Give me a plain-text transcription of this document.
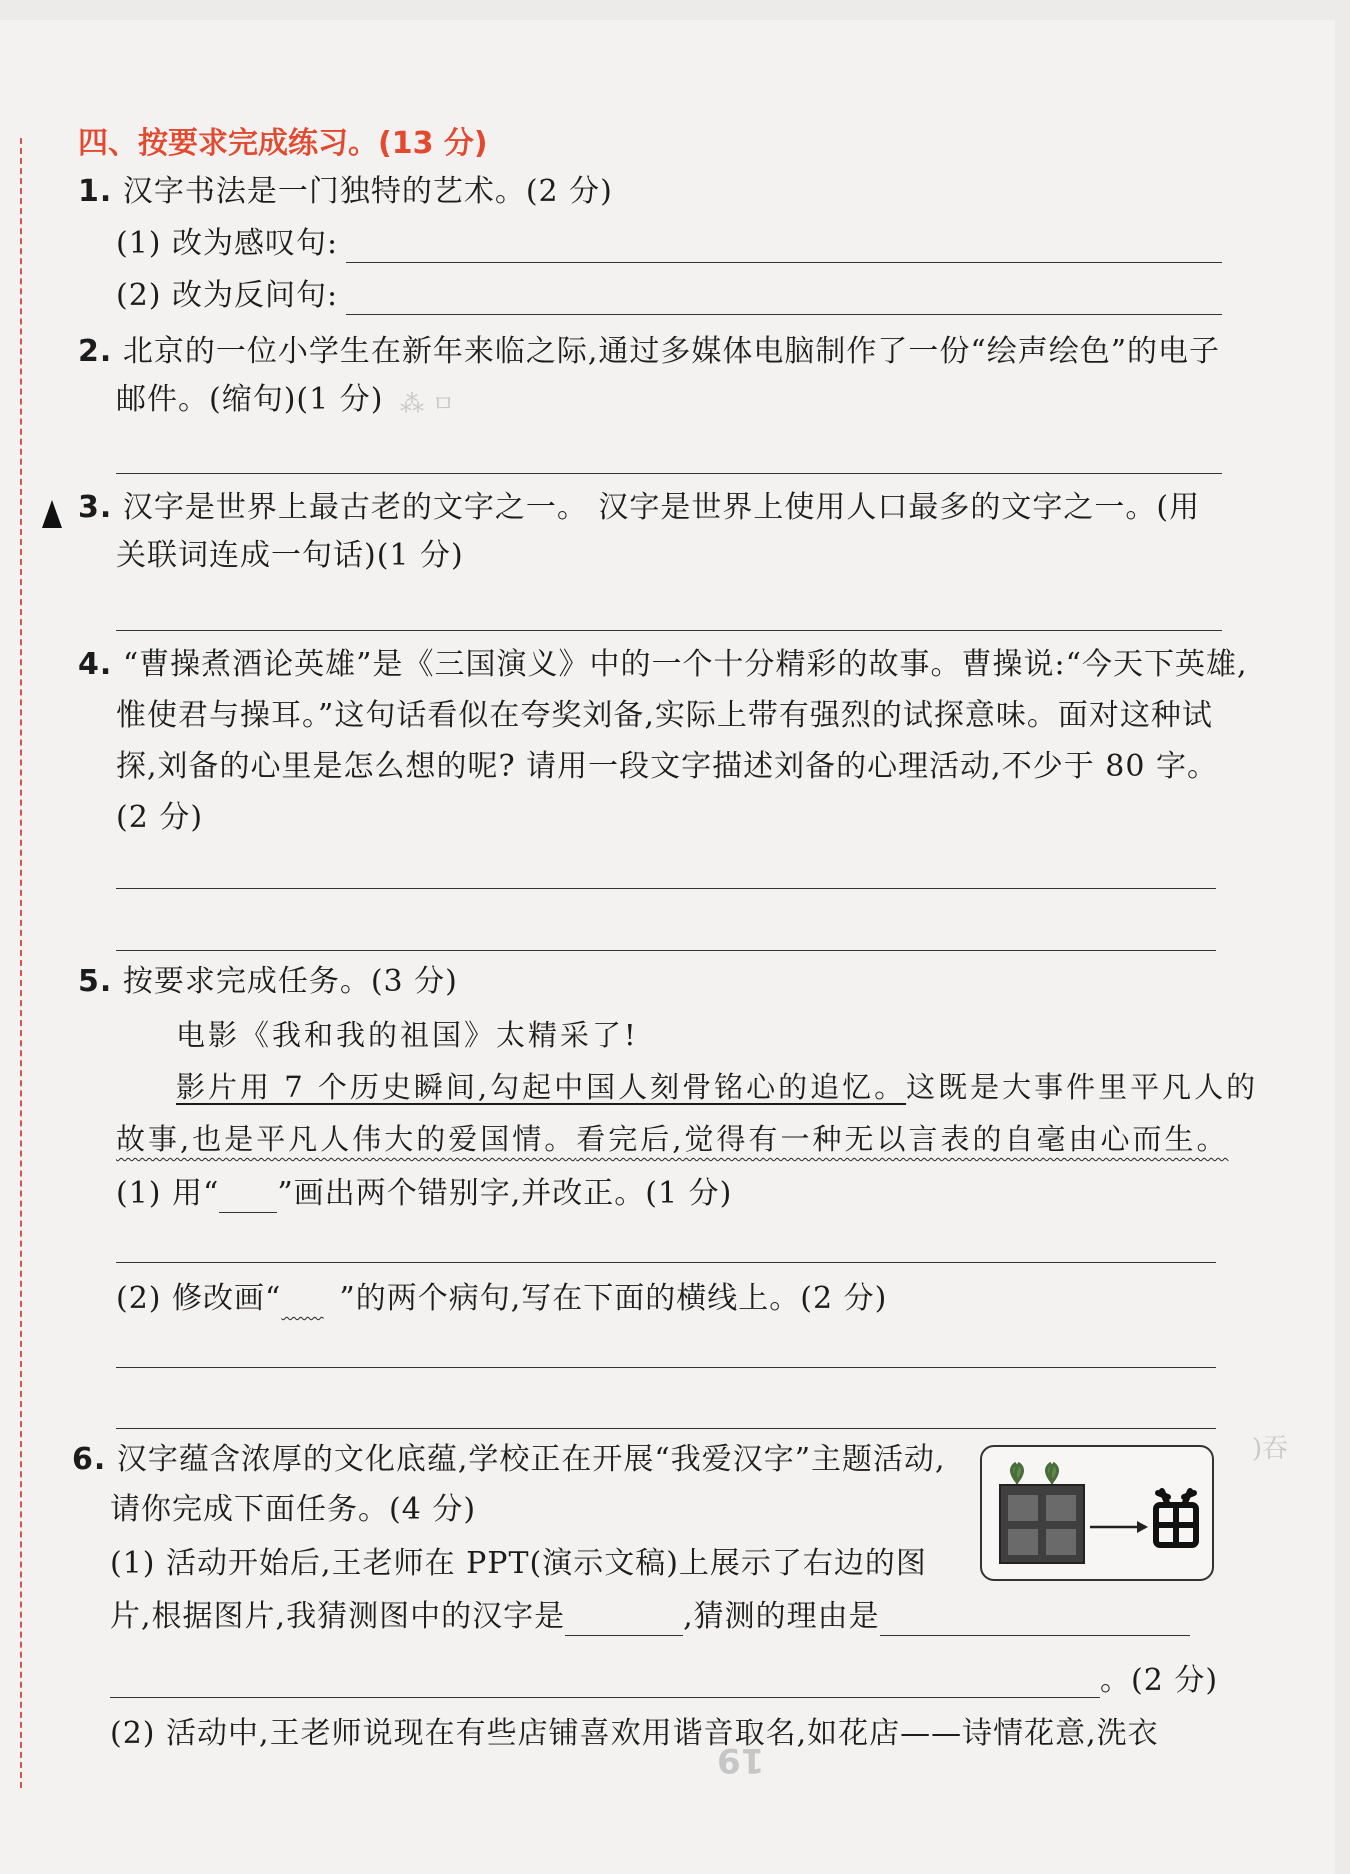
四、按要求完成练习。(13 分)
1. 汉字书法是一门独特的艺术。(2 分)
(1) 改为感叹句:
(2) 改为反问句:
2. 北京的一位小学生在新年来临之际,通过多媒体电脑制作了一份“绘声绘色”的电子
邮件。(缩句)(1 分) ⁂ ㅁ
3. 汉字是世界上最古老的文字之一。 汉字是世界上使用人口最多的文字之一。(用
关联词连成一句话)(1 分)
4. “曹操煮酒论英雄”是《三国演义》中的一个十分精彩的故事。曹操说:“今天下英雄,
惟使君与操耳。”这句话看似在夸奖刘备,实际上带有强烈的试探意味。面对这种试
探,刘备的心里是怎么想的呢? 请用一段文字描述刘备的心理活动,不少于 80 字。
(2 分)
5. 按要求完成任务。(3 分)
电影《我和我的祖国》太精采了!
影片用 7 个历史瞬间,勾起中国人刻骨铭心的追忆。这既是大事件里平凡人的
故事,也是平凡人伟大的爱国情。看完后,觉得有一种无以言表的自毫由心而生。
(1) 用“ ”画出两个错别字,并改正。(1 分)
(2) 修改画“ ”的两个病句,写在下面的横线上。(2 分)
6. 汉字蕴含浓厚的文化底蕴,学校正在开展“我爱汉字”主题活动,
请你完成下面任务。(4 分)
(1) 活动开始后,王老师在 PPT(演示文稿)上展示了右边的图
片,根据图片,我猜测图中的汉字是	,猜测的理由是
。(2 分)
(2) 活动中,王老师说现在有些店铺喜欢用谐音取名,如花店——诗情花意,洗衣
)吞
19
